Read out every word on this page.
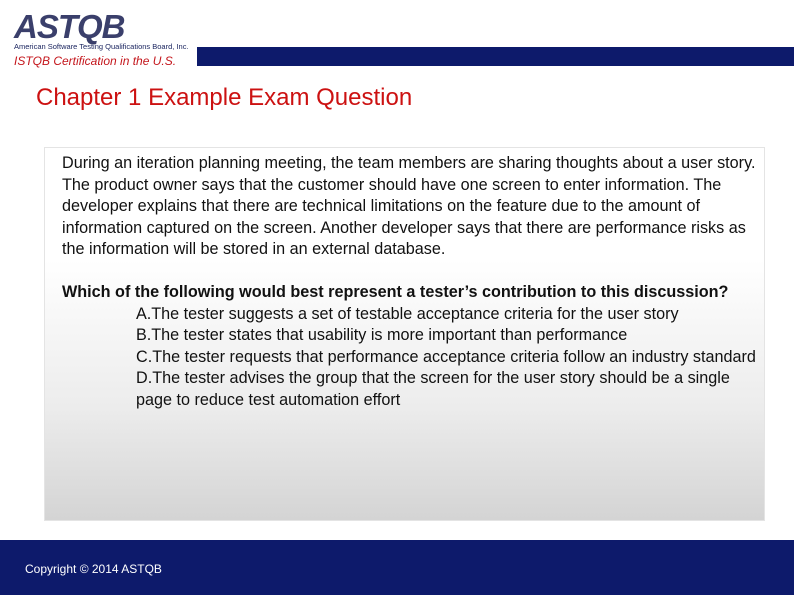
ASTQB
American Software Testing Qualifications Board, Inc.
ISTQB Certification in the U.S.
Chapter 1 Example Exam Question

During an iteration planning meeting, the team members are sharing thoughts about a user story. The product owner says that the customer should have one screen to enter information. The developer explains that there are technical limitations on the feature due to the amount of information captured on the screen. Another developer says that there are performance risks as the information will be stored in an external database.

Which of the following would best represent a tester’s contribution to this discussion?

A.The tester suggests a set of testable acceptance criteria for the user story
B.The tester states that usability is more important than performance
C.The tester requests that performance acceptance criteria follow an industry standard
D.The tester advises the group that the screen for the user story should be a single page to reduce test automation effort
Copyright © 2014 ASTQB
